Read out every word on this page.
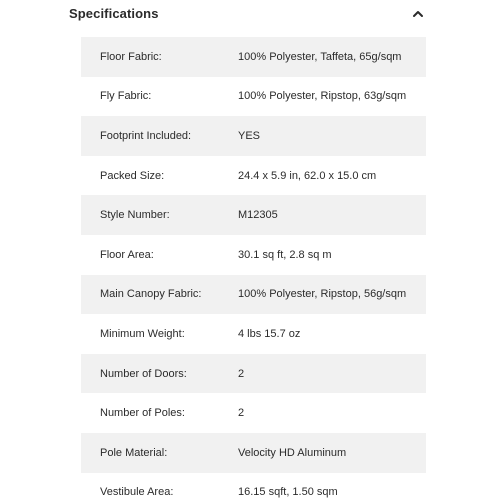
Specifications
Floor Fabric:	100% Polyester, Taffeta, 65g/sqm
Fly Fabric:	100% Polyester, Ripstop, 63g/sqm
Footprint Included:	YES
Packed Size:	24.4 x 5.9 in, 62.0 x 15.0 cm
Style Number:	M12305
Floor Area:	30.1 sq ft, 2.8 sq m
Main Canopy Fabric:	100% Polyester, Ripstop, 56g/sqm
Minimum Weight:	4 lbs 15.7 oz
Number of Doors:	2
Number of Poles:	2
Pole Material:	Velocity HD Aluminum
Vestibule Area:	16.15 sqft, 1.50 sqm
